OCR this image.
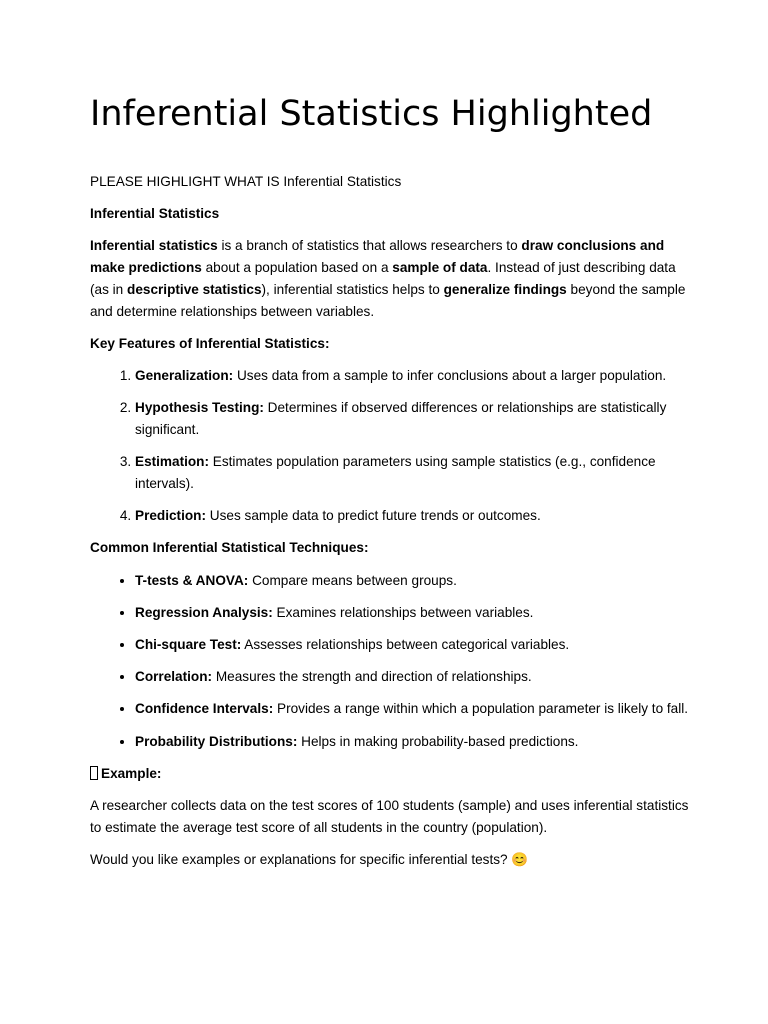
Inferential Statistics Highlighted

PLEASE HIGHLIGHT WHAT IS Inferential Statistics

Inferential Statistics

Inferential statistics is a branch of statistics that allows researchers to draw conclusions and make predictions about a population based on a sample of data. Instead of just describing data (as in descriptive statistics), inferential statistics helps to generalize findings beyond the sample and determine relationships between variables.

Key Features of Inferential Statistics:

1. Generalization: Uses data from a sample to infer conclusions about a larger population.
2. Hypothesis Testing: Determines if observed differences or relationships are statistically significant.
3. Estimation: Estimates population parameters using sample statistics (e.g., confidence intervals).
4. Prediction: Uses sample data to predict future trends or outcomes.

Common Inferential Statistical Techniques:

• T-tests & ANOVA: Compare means between groups.
• Regression Analysis: Examines relationships between variables.
• Chi-square Test: Assesses relationships between categorical variables.
• Correlation: Measures the strength and direction of relationships.
• Confidence Intervals: Provides a range within which a population parameter is likely to fall.
• Probability Distributions: Helps in making probability-based predictions.

Example:

A researcher collects data on the test scores of 100 students (sample) and uses inferential statistics to estimate the average test score of all students in the country (population).

Would you like examples or explanations for specific inferential tests? 😊
